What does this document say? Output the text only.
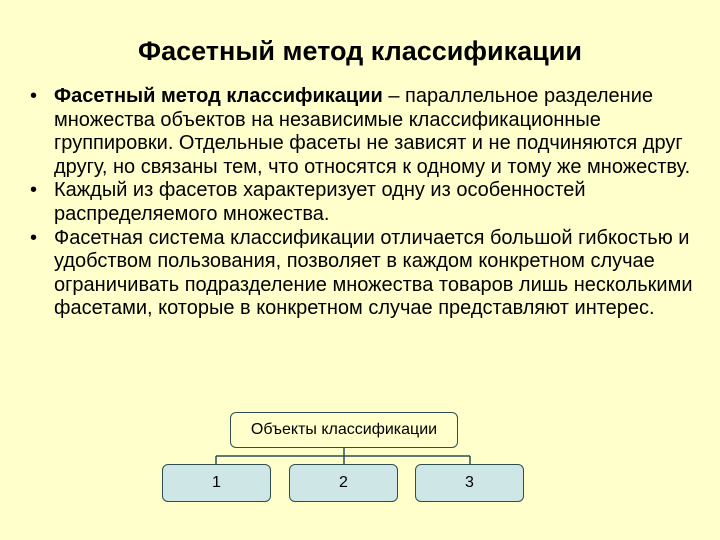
Фасетный метод классификации
• Фасетный метод классификации – параллельное разделение множества объектов на независимые классификационные группировки. Отдельные фасеты не зависят и не подчиняются друг другу, но связаны тем, что относятся к одному и тому же множеству.
• Каждый из фасетов характеризует одну из особенностей распределяемого множества.
• Фасетная система классификации отличается большой гибкостью и удобством пользования, позволяет в каждом конкретном случае ограничивать подразделение множества товаров лишь несколькими фасетами, которые в конкретном случае представляют интерес.
Объекты классификации
1	2	3
